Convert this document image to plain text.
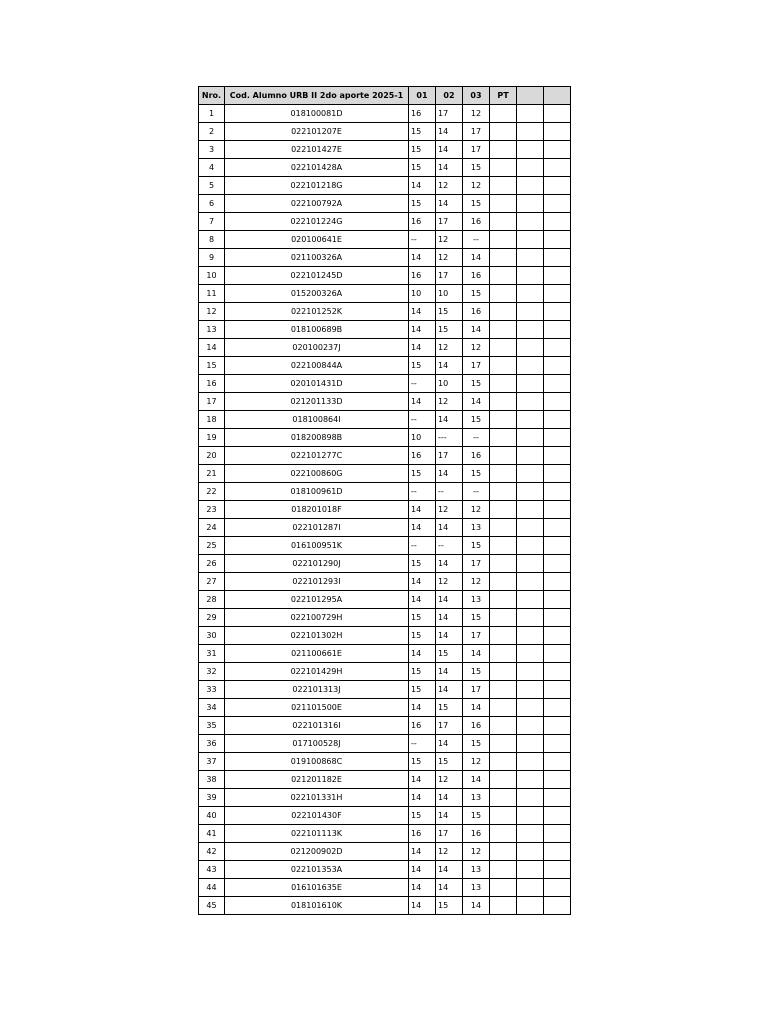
Nro.	Cod. Alumno URB II 2do aporte 2025-1	01	02	03	PT		
1	018100081D	16	17	12			
2	022101207E	15	14	17			
3	022101427E	15	14	17			
4	022101428A	15	14	15			
5	022101218G	14	12	12			
6	022100792A	15	14	15			
7	022101224G	16	17	16			
8	020100641E	--	12	--			
9	021100326A	14	12	14			
10	022101245D	16	17	16			
11	015200326A	10	10	15			
12	022101252K	14	15	16			
13	018100689B	14	15	14			
14	020100237J	14	12	12			
15	022100844A	15	14	17			
16	020101431D	--	10	15			
17	021201133D	14	12	14			
18	018100864I	--	14	15			
19	018200898B	10	---	--			
20	022101277C	16	17	16			
21	022100860G	15	14	15			
22	018100961D	--	--	--			
23	018201018F	14	12	12			
24	022101287I	14	14	13			
25	016100951K	--	--	15			
26	022101290J	15	14	17			
27	022101293I	14	12	12			
28	022101295A	14	14	13			
29	022100729H	15	14	15			
30	022101302H	15	14	17			
31	021100661E	14	15	14			
32	022101429H	15	14	15			
33	022101313J	15	14	17			
34	021101500E	14	15	14			
35	022101316I	16	17	16			
36	017100528J	--	14	15			
37	019100868C	15	15	12			
38	021201182E	14	12	14			
39	022101331H	14	14	13			
40	022101430F	15	14	15			
41	022101113K	16	17	16			
42	021200902D	14	12	12			
43	022101353A	14	14	13			
44	016101635E	14	14	13			
45	018101610K	14	15	14			
